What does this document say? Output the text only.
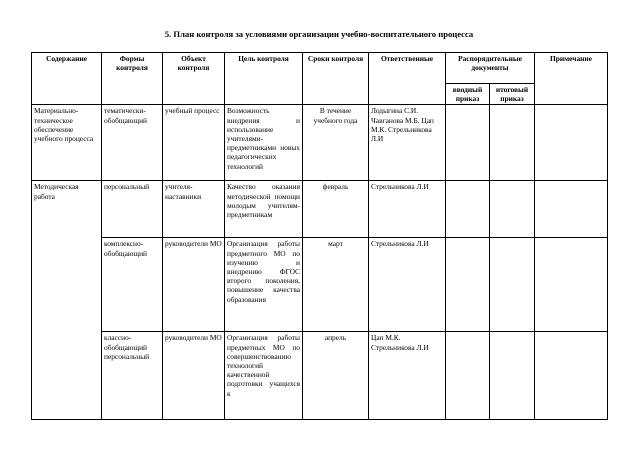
5. План контроля за условиями организации учебно-воспитательного процесса
Содержание	Формы контроля	Объект контроля	Цель контроля	Сроки контроля	Ответственные	Распорядительные документы		Примечание
						вводный приказ	итоговый приказ	
Материально-техническое обеспечение учебного процесса	тематически-обобщающий	учебный процесс	Возможность внедрения и использование учителями-предметниками новых педагогических технологий	В течение учебного года	Лодыгина С.И. Чавганова М.Б. Цап М.К. Стрельникова Л.И			
Методическая работа	персональный	учителя-наставники	Качество оказания методической помощи молодым учителям-предметникам	февраль	Стрельникова Л.И			
	комплексно-обобщающий	руководители МО	Организация работы предметного МО по изучению и внедрению ФГОС второго поколения, повышение качества образования	март	Стрельникова Л.И			
	классно-обобщающий персональный	руководители МО	Организация работы предметных МО по совершенствованию технологий качественной подготовки учащихся к	апрель	Цап М.К. Стрельникова Л.И			
